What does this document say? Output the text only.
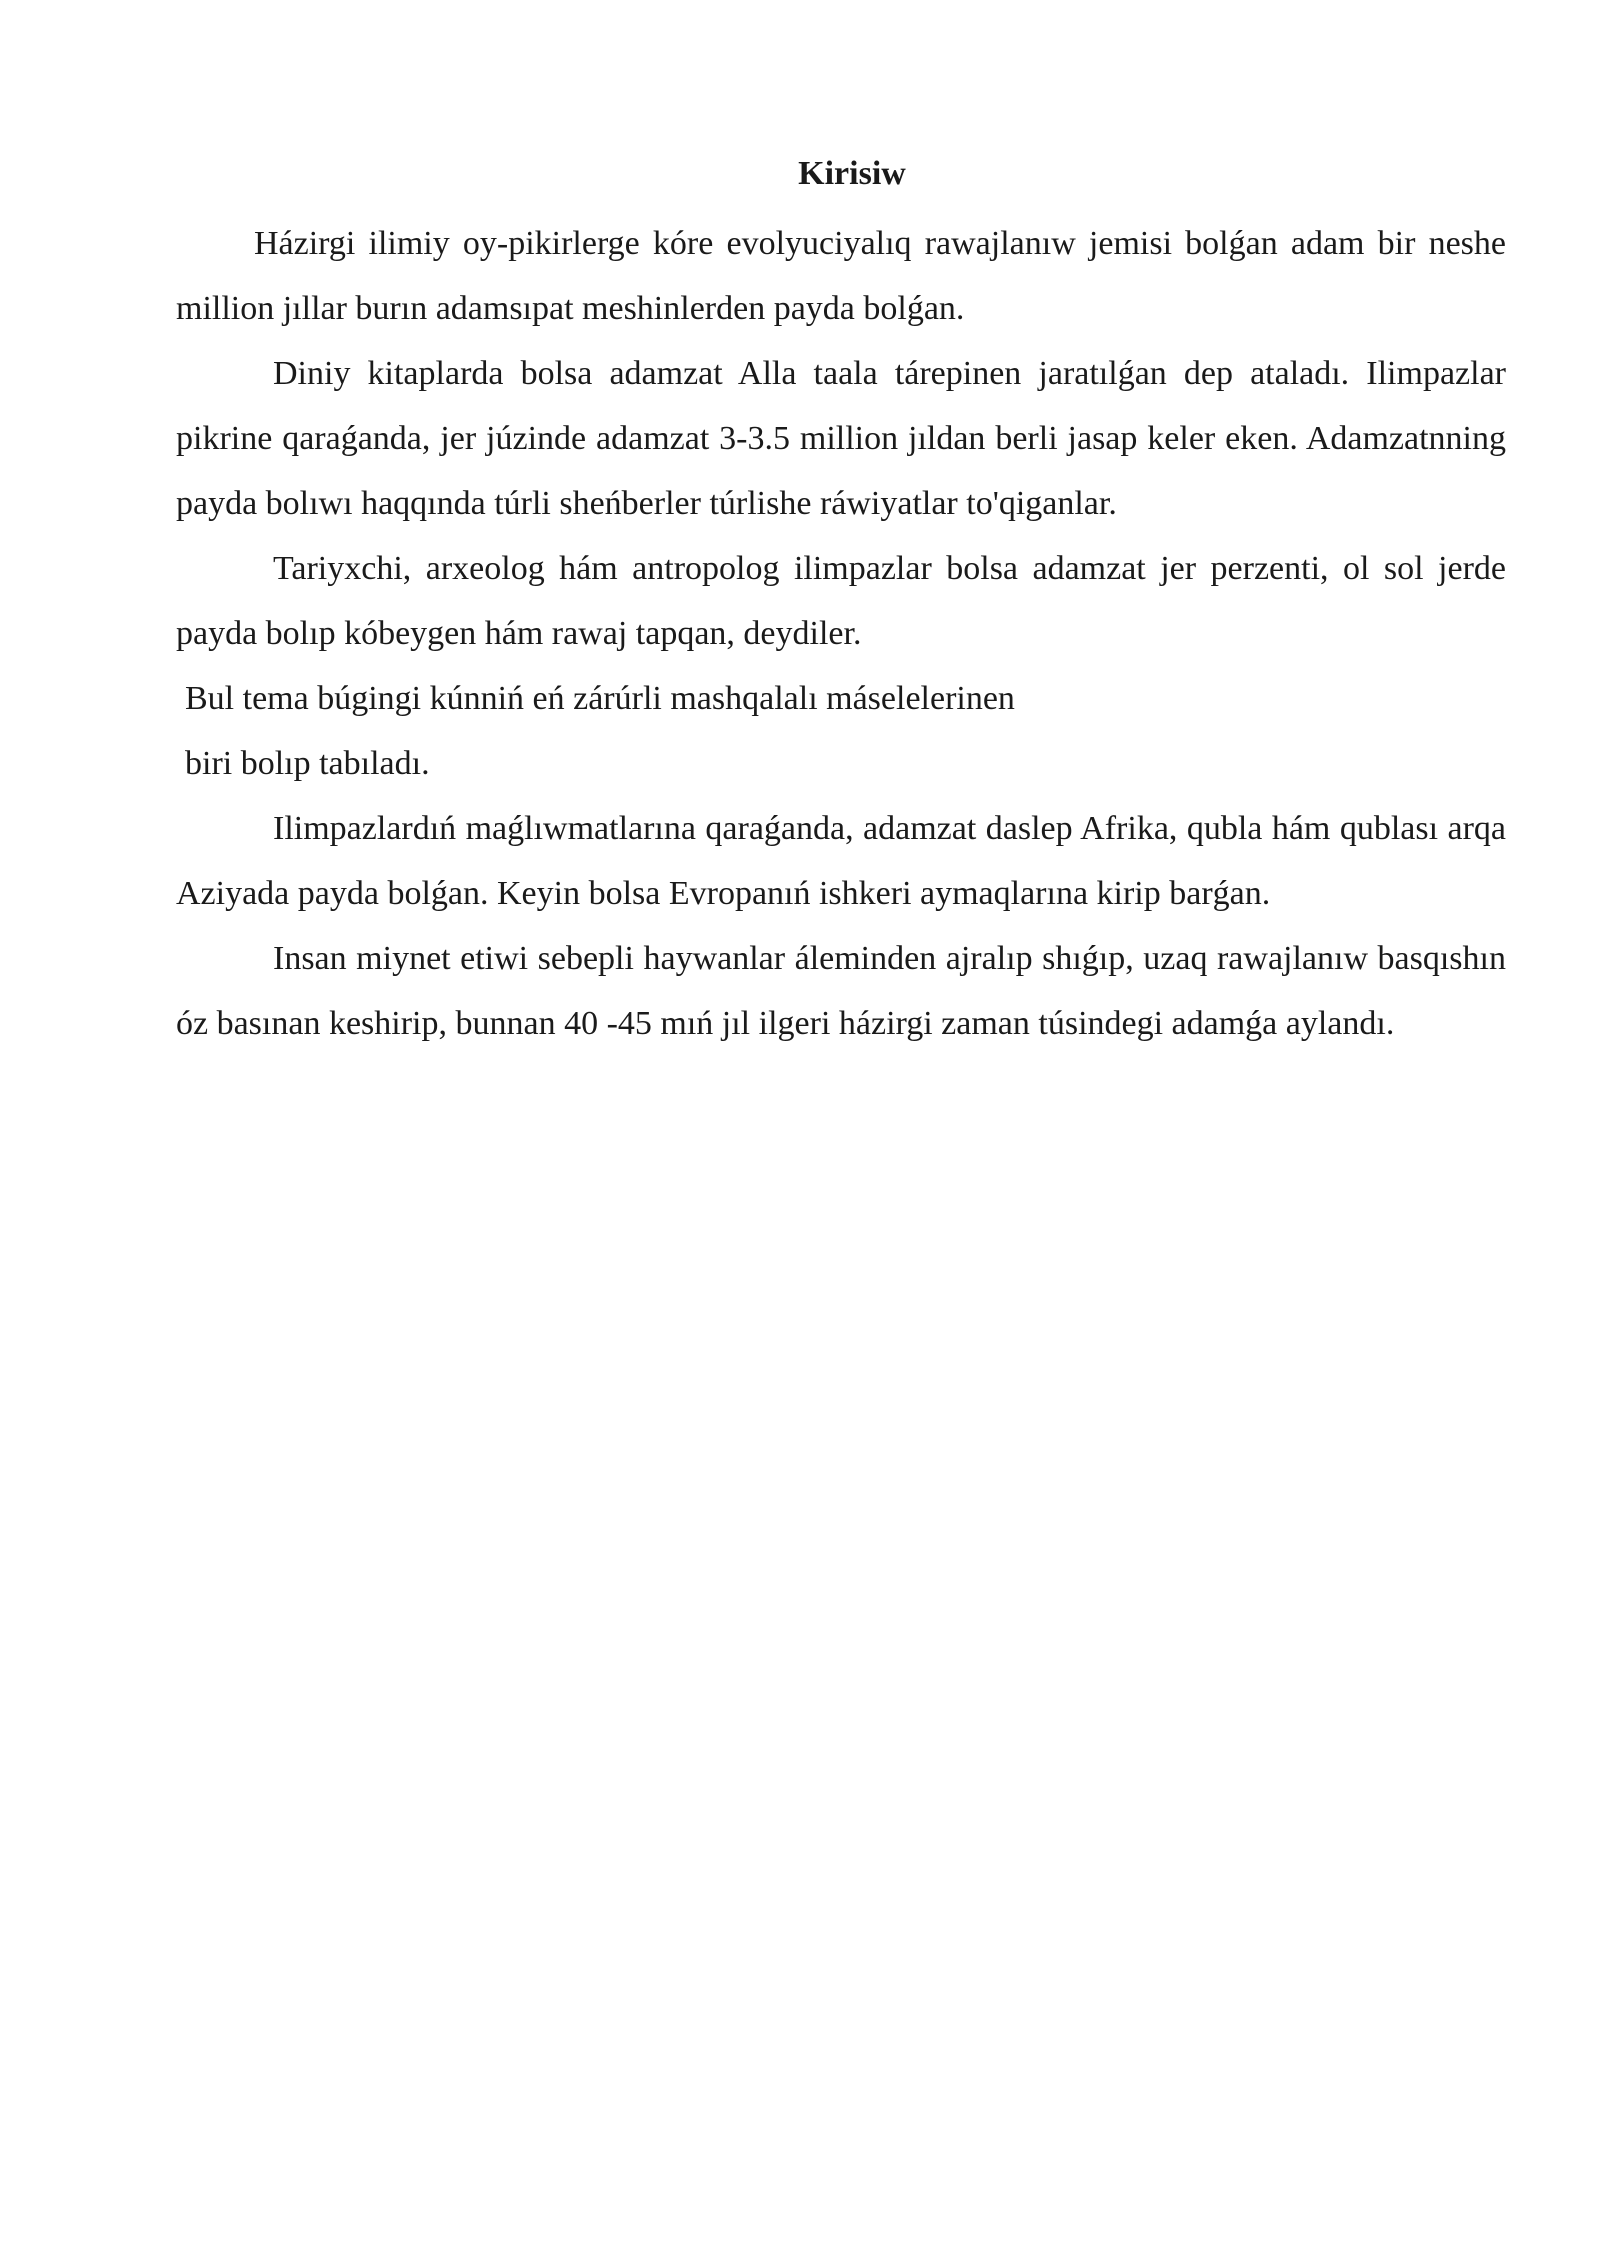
Kirisiw

Házirgi ilimiy oy-pikirlerge kóre evolyuciyalıq rawajlanıw jemisi bolǵan adam bir neshe million jıllar burın adamsıpat meshinlerden payda bolǵan.

Diniy kitaplarda bolsa adamzat Alla taala tárepinen jaratılǵan dep ataladı. Ilimpazlar pikrine qaraǵanda, jer júzinde adamzat 3-3.5 million jıldan berli jasap keler eken. Adamzatnning payda bolıwı haqqında túrli sheńberler túrlishe ráwiyatlar to'qiganlar.

Tariyxchi, arxeolog hám antropolog ilimpazlar bolsa adamzat jer perzenti, ol sol jerde payda bolıp kóbeygen hám rawaj tapqan, deydiler.

Bul tema búgingi kúnniń eń zárúrli mashqalalı máselelerinen

biri bolıp tabıladı.

Ilimpazlardıń maǵlıwmatlarına qaraǵanda, adamzat daslep Afrika, qubla hám qublası arqa Aziyada payda bolǵan. Keyin bolsa Evropanıń ishkeri aymaqlarına kirip barǵan.

Insan miynet etiwi sebepli haywanlar áleminden ajralıp shıǵıp, uzaq rawajlanıw basqıshın óz basınan keshirip, bunnan 40 -45 mıń jıl ilgeri házirgi zaman túsindegi adamǵa aylandı.
